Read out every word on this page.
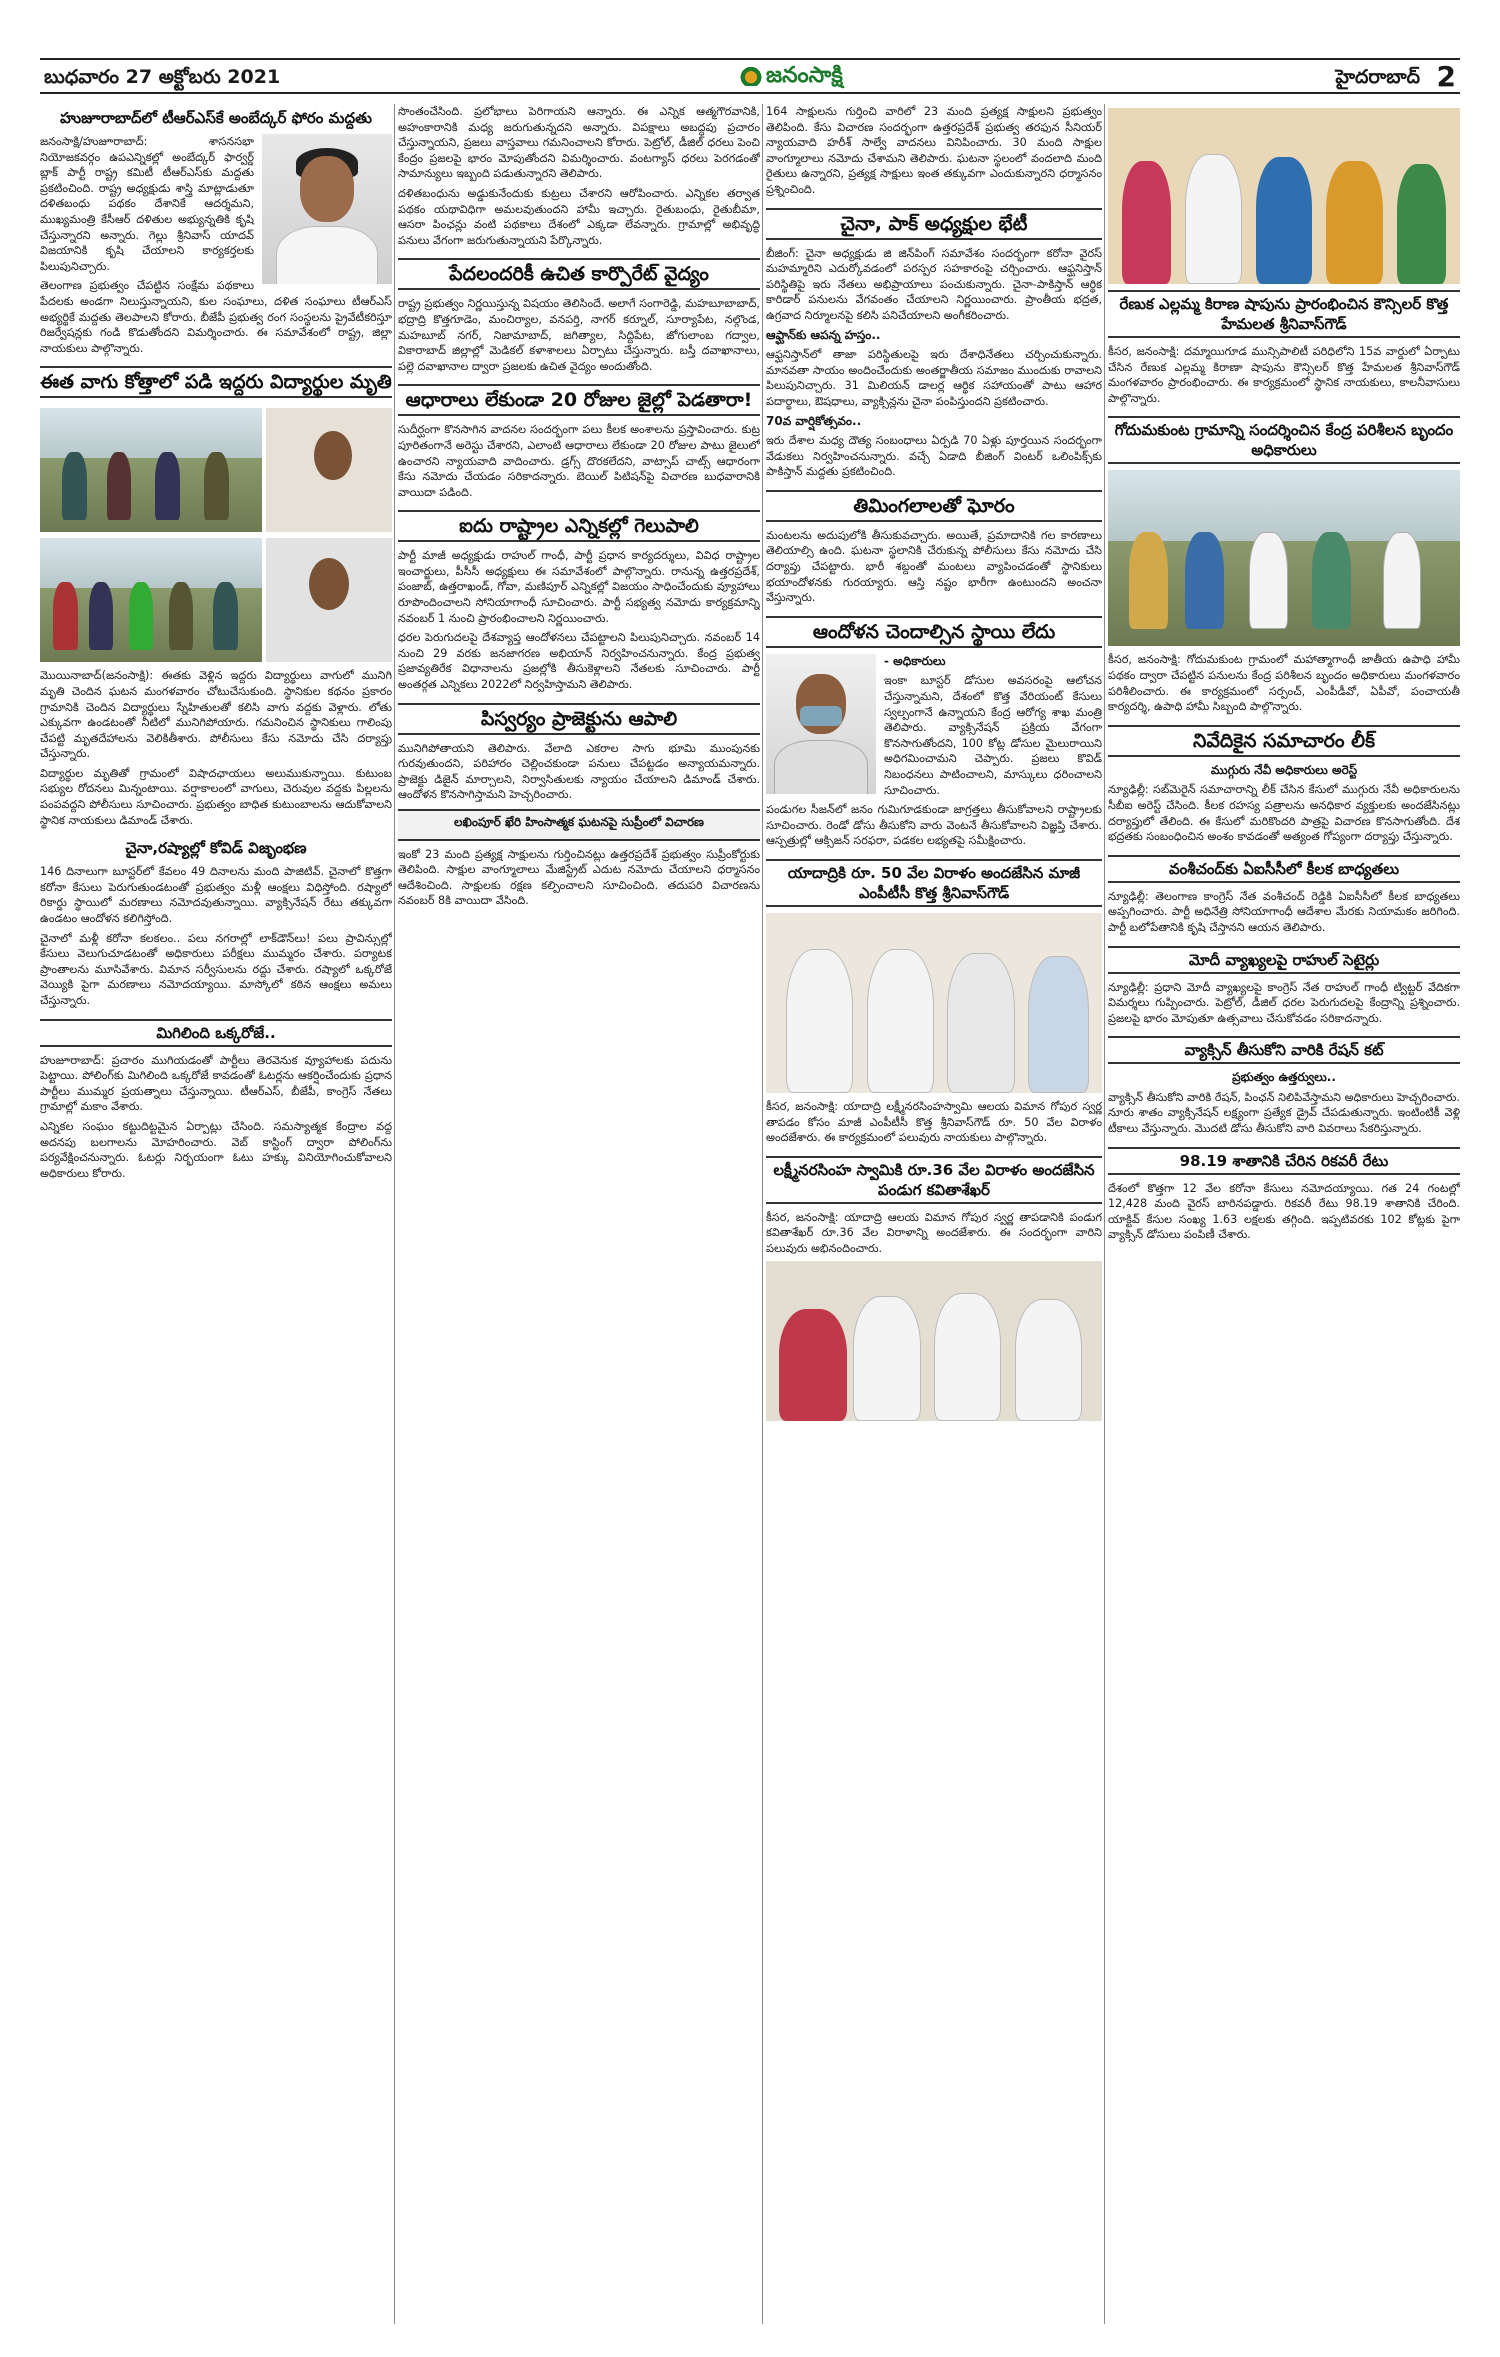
బుధవారం 27 అక్టోబరు 2021	జనంసాక్షి	హైదరాబాద్ 2
హుజూరాబాద్‌లో టీఆర్‌ఎస్‌కే అంబేద్కర్ ఫోరం మద్దతు

జనంసాక్షి/హుజూరాబాద్: శాసనసభా నియోజకవర్గం ఉపఎన్నికల్లో అంబేద్కర్ ఫార్వర్డ్ బ్లాక్ పార్టీ రాష్ట్ర కమిటీ టీఆర్‌ఎస్‌కు మద్దతు ప్రకటించింది. రాష్ట్ర అధ్యక్షుడు శాస్త్రి మాట్లాడుతూ దళితబంధు పథకం దేశానికే ఆదర్శమని, ముఖ్యమంత్రి కేసీఆర్ దళితుల అభ్యున్నతికి కృషి చేస్తున్నారని అన్నారు. గెల్లు శ్రీనివాస్ యాదవ్ విజయానికి కృషి చేయాలని కార్యకర్తలకు పిలుపునిచ్చారు.

తెలంగాణ ప్రభుత్వం చేపట్టిన సంక్షేమ పథకాలు పేదలకు అండగా నిలుస్తున్నాయని, కుల సంఘాలు, దళిత సంఘాలు టీఆర్‌ఎస్ అభ్యర్థికే మద్దతు తెలపాలని కోరారు. బీజేపీ ప్రభుత్వ రంగ సంస్థలను ప్రైవేటీకరిస్తూ రిజర్వేషన్లకు గండి కొడుతోందని విమర్శించారు. ఈ సమావేశంలో రాష్ట్ర, జిల్లా నాయకులు పాల్గొన్నారు.

ఈత వాగు కోత్తాలో పడి ఇద్దరు విద్యార్థుల మృతి

మొయినాబాద్(జనంసాక్షి): ఈతకు వెళ్లిన ఇద్దరు విద్యార్థులు వాగులో మునిగి మృతి చెందిన ఘటన మంగళవారం చోటుచేసుకుంది. స్థానికుల కథనం ప్రకారం గ్రామానికి చెందిన విద్యార్థులు స్నేహితులతో కలిసి వాగు వద్దకు వెళ్లారు. లోతు ఎక్కువగా ఉండటంతో నీటిలో మునిగిపోయారు. గమనించిన స్థానికులు గాలింపు చేపట్టి మృతదేహాలను వెలికితీశారు. పోలీసులు కేసు నమోదు చేసి దర్యాప్తు చేస్తున్నారు.

విద్యార్థుల మృతితో గ్రామంలో విషాదఛాయలు అలుముకున్నాయి. కుటుంబ సభ్యుల రోదనలు మిన్నంటాయి. వర్షాకాలంలో వాగులు, చెరువుల వద్దకు పిల్లలను పంపవద్దని పోలీసులు సూచించారు. ప్రభుత్వం బాధిత కుటుంబాలను ఆదుకోవాలని స్థానిక నాయకులు డిమాండ్ చేశారు.

చైనా,రష్యాల్లో కోవిడ్ విజృంభణ

146 దినాలుగా బూస్టర్‌లో కేవలం 49 దినాలను మంది పాజిటివ్. చైనాలో కొత్తగా కరోనా కేసులు పెరుగుతుండటంతో ప్రభుత్వం మళ్లీ ఆంక్షలు విధిస్తోంది. రష్యాలో రికార్డు స్థాయిలో మరణాలు నమోదవుతున్నాయి. వ్యాక్సినేషన్ రేటు తక్కువగా ఉండటం ఆందోళన కలిగిస్తోంది.

చైనాలో మళ్లీ కరోనా కలకలం.. పలు నగరాల్లో లాక్‌డౌన్‌లు! పలు ప్రావిన్సుల్లో కేసులు వెలుగుచూడటంతో అధికారులు పరీక్షలు ముమ్మరం చేశారు. పర్యాటక ప్రాంతాలను మూసివేశారు. విమాన సర్వీసులను రద్దు చేశారు. రష్యాలో ఒక్కరోజే వెయ్యికి పైగా మరణాలు నమోదయ్యాయి. మాస్కోలో కఠిన ఆంక్షలు అమలు చేస్తున్నారు.

మిగిలింది ఒక్కరోజే..

హుజూరాబాద్: ప్రచారం ముగియడంతో పార్టీలు తెరవెనుక వ్యూహాలకు పదును పెట్టాయి. పోలింగ్‌కు మిగిలింది ఒక్కరోజే కావడంతో ఓటర్లను ఆకర్షించేందుకు ప్రధాన పార్టీలు ముమ్మర ప్రయత్నాలు చేస్తున్నాయి. టీఆర్‌ఎస్, బీజేపీ, కాంగ్రెస్ నేతలు గ్రామాల్లో మకాం వేశారు.

ఎన్నికల సంఘం కట్టుదిట్టమైన ఏర్పాట్లు చేసింది. సమస్యాత్మక కేంద్రాల వద్ద అదనపు బలగాలను మోహరించారు. వెబ్ కాస్టింగ్ ద్వారా పోలింగ్‌ను పర్యవేక్షించనున్నారు. ఓటర్లు నిర్భయంగా ఓటు హక్కు వినియోగించుకోవాలని అధికారులు కోరారు.

సొంతంచేసింది. ప్రలోభాలు పెరిగాయని ఆన్నారు. ఈ ఎన్నిక ఆత్మగౌరవానికి, అహంకారానికి మధ్య జరుగుతున్నదని అన్నారు. విపక్షాలు అబద్ధపు ప్రచారం చేస్తున్నాయని, ప్రజలు వాస్తవాలు గమనించాలని కోరారు. పెట్రోల్, డీజిల్ ధరలు పెంచి కేంద్రం ప్రజలపై భారం మోపుతోందని విమర్శించారు. వంటగ్యాస్ ధరలు పెరగడంతో సామాన్యులు ఇబ్బంది పడుతున్నారని తెలిపారు.

దళితబంధును అడ్డుకునేందుకు కుట్రలు చేశారని ఆరోపించారు. ఎన్నికల తర్వాత పథకం యథావిధిగా అమలవుతుందని హామీ ఇచ్చారు. రైతుబంధు, రైతుబీమా, ఆసరా పింఛన్లు వంటి పథకాలు దేశంలో ఎక్కడా లేవన్నారు. గ్రామాల్లో అభివృద్ధి పనులు వేగంగా జరుగుతున్నాయని పేర్కొన్నారు.

పేదలందరికీ ఉచిత కార్పొరేట్ వైద్యం

రాష్ట్ర ప్రభుత్వం నిర్ణయిస్తున్న విషయం తెలిసిందే. అలాగే సంగారెడ్డి, మహబూబాబాద్, భద్రాద్రి కొత్తగూడెం, మంచిర్యాల, వనపర్తి, నాగర్ కర్నూల్, సూర్యాపేట, నల్గొండ, మహబూబ్ నగర్, నిజామాబాద్, జగిత్యాల, సిద్దిపేట, జోగులాంబ గద్వాల, వికారాబాద్ జిల్లాల్లో మెడికల్ కళాశాలలు ఏర్పాటు చేస్తున్నారు. బస్తీ దవాఖానాలు, పల్లె దవాఖానాల ద్వారా ప్రజలకు ఉచిత వైద్యం అందుతోంది.

ఆధారాలు లేకుండా 20 రోజుల జైల్లో పెడతారా!

సుదీర్ఘంగా కొనసాగిన వాదనల సందర్భంగా పలు కీలక అంశాలను ప్రస్తావించారు. కుట్ర పూరితంగానే అరెస్టు చేశారని, ఎలాంటి ఆధారాలు లేకుండా 20 రోజుల పాటు జైలులో ఉంచారని న్యాయవాది వాదించారు. డ్రగ్స్ దొరకలేదని, వాట్సాప్ చాట్స్ ఆధారంగా కేసు నమోదు చేయడం సరికాదన్నారు. బెయిల్ పిటిషన్‌పై విచారణ బుధవారానికి వాయిదా పడింది.

ఐదు రాష్ట్రాల ఎన్నికల్లో గెలుపాలి

పార్టీ మాజీ అధ్యక్షుడు రాహుల్ గాంధీ, పార్టీ ప్రధాన కార్యదర్శులు, వివిధ రాష్ట్రాల ఇంచార్జులు, పీసీసీ అధ్యక్షులు ఈ సమావేశంలో పాల్గొన్నారు. రానున్న ఉత్తరప్రదేశ్, పంజాబ్, ఉత్తరాఖండ్, గోవా, మణిపూర్ ఎన్నికల్లో విజయం సాధించేందుకు వ్యూహాలు రూపొందించాలని సోనియాగాంధీ సూచించారు. పార్టీ సభ్యత్వ నమోదు కార్యక్రమాన్ని నవంబర్ 1 నుంచి ప్రారంభించాలని నిర్ణయించారు.

ధరల పెరుగుదలపై దేశవ్యాప్త ఆందోళనలు చేపట్టాలని పిలుపునిచ్చారు. నవంబర్ 14 నుంచి 29 వరకు జనజాగరణ అభియాన్ నిర్వహించనున్నారు. కేంద్ర ప్రభుత్వ ప్రజావ్యతిరేక విధానాలను ప్రజల్లోకి తీసుకెళ్లాలని నేతలకు సూచించారు. పార్టీ అంతర్గత ఎన్నికలు 2022లో నిర్వహిస్తామని తెలిపారు.

పిస్వర్యం ప్రాజెక్టును ఆపాలి

మునిగిపోతాయని తెలిపారు. వేలాది ఎకరాల సాగు భూమి ముంపునకు గురవుతుందని, పరిహారం చెల్లించకుండా పనులు చేపట్టడం అన్యాయమన్నారు. ప్రాజెక్టు డిజైన్ మార్చాలని, నిర్వాసితులకు న్యాయం చేయాలని డిమాండ్ చేశారు. ఆందోళన కొనసాగిస్తామని హెచ్చరించారు.

లఖింపూర్ ఖేరి హింసాత్మక ఘటనపై సుప్రీంలో విచారణ

ఇంకో 23 మంది ప్రత్యక్ష సాక్షులను గుర్తించినట్లు ఉత్తరప్రదేశ్ ప్రభుత్వం సుప్రీంకోర్టుకు తెలిపింది. సాక్షుల వాంగ్మూలాలు మేజిస్ట్రేట్ ఎదుట నమోదు చేయాలని ధర్మాసనం ఆదేశించింది. సాక్షులకు రక్షణ కల్పించాలని సూచించింది. తదుపరి విచారణను నవంబర్ 8కి వాయిదా వేసింది.

164 సాక్షులను గుర్తించి వారిలో 23 మంది ప్రత్యక్ష సాక్షులని ప్రభుత్వం తెలిపింది. కేసు విచారణ సందర్భంగా ఉత్తరప్రదేశ్ ప్రభుత్వ తరఫున సీనియర్ న్యాయవాది హరీశ్ సాల్వే వాదనలు వినిపించారు. 30 మంది సాక్షుల వాంగ్మూలాలు నమోదు చేశామని తెలిపారు. ఘటనా స్థలంలో వందలాది మంది రైతులు ఉన్నారని, ప్రత్యక్ష సాక్షులు ఇంత తక్కువగా ఎందుకున్నారని ధర్మాసనం ప్రశ్నించింది.

చైనా, పాక్ అధ్యక్షుల భేటీ

బీజింగ్: చైనా అధ్యక్షుడు జి జిన్‌పింగ్ సమావేశం సందర్భంగా కరోనా వైరస్ మహమ్మారిని ఎదుర్కోవడంలో పరస్పర సహకారంపై చర్చించారు. ఆఫ్ఘనిస్తాన్ పరిస్థితిపై ఇరు నేతలు అభిప్రాయాలు పంచుకున్నారు. చైనా-పాకిస్తాన్ ఆర్థిక కారిడార్ పనులను వేగవంతం చేయాలని నిర్ణయించారు. ప్రాంతీయ భద్రత, ఉగ్రవాద నిర్మూలనపై కలిసి పనిచేయాలని అంగీకరించారు.

ఆఫ్ఘాన్‌కు ఆపన్న హస్తం..

ఆఫ్ఘనిస్తాన్‌లో తాజా పరిస్థితులపై ఇరు దేశాధినేతలు చర్చించుకున్నారు. మానవతా సాయం అందించేందుకు అంతర్జాతీయ సమాజం ముందుకు రావాలని పిలుపునిచ్చారు. 31 మిలియన్ డాలర్ల ఆర్థిక సహాయంతో పాటు ఆహార పదార్థాలు, ఔషధాలు, వ్యాక్సిన్లను చైనా పంపిస్తుందని ప్రకటించారు.

70వ వార్షికోత్సవం..

ఇరు దేశాల మధ్య దౌత్య సంబంధాలు ఏర్పడి 70 ఏళ్లు పూర్తయిన సందర్భంగా వేడుకలు నిర్వహించనున్నారు. వచ్చే ఏడాది బీజింగ్ వింటర్ ఒలింపిక్స్‌కు పాకిస్తాన్ మద్దతు ప్రకటించింది.

తిమింగలాలతో ఘోరం

మంటలను అదుపులోకి తీసుకువచ్చారు. అయితే, ప్రమాదానికి గల కారణాలు తెలియాల్సి ఉంది. ఘటనా స్థలానికి చేరుకున్న పోలీసులు కేసు నమోదు చేసి దర్యాప్తు చేపట్టారు. భారీ శబ్దంతో మంటలు వ్యాపించడంతో స్థానికులు భయాందోళనకు గురయ్యారు. ఆస్తి నష్టం భారీగా ఉంటుందని అంచనా వేస్తున్నారు.

ఆందోళన చెందాల్సిన స్థాయి లేదు

- అధికారులు

ఇంకా బూస్టర్ డోసుల అవసరంపై ఆలోచన చేస్తున్నామని, దేశంలో కొత్త వేరియంట్ కేసులు స్వల్పంగానే ఉన్నాయని కేంద్ర ఆరోగ్య శాఖ మంత్రి తెలిపారు. వ్యాక్సినేషన్ ప్రక్రియ వేగంగా కొనసాగుతోందని, 100 కోట్ల డోసుల మైలురాయిని అధిగమించామని చెప్పారు. ప్రజలు కొవిడ్ నిబంధనలు పాటించాలని, మాస్కులు ధరించాలని సూచించారు.

పండుగల సీజన్‌లో జనం గుమిగూడకుండా జాగ్రత్తలు తీసుకోవాలని రాష్ట్రాలకు సూచించారు. రెండో డోసు తీసుకోని వారు వెంటనే తీసుకోవాలని విజ్ఞప్తి చేశారు. ఆస్పత్రుల్లో ఆక్సిజన్ సరఫరా, పడకల లభ్యతపై సమీక్షించారు.

యాదాద్రికి రూ. 50 వేల విరాళం అందజేసిన మాజీ ఎంపీటీసీ కొత్త శ్రీనివాస్‌గౌడ్

కీసర, జనంసాక్షి: యాదాద్రి లక్ష్మీనరసింహస్వామి ఆలయ విమాన గోపుర స్వర్ణ తాపడం కోసం మాజీ ఎంపీటీసీ కొత్త శ్రీనివాస్‌గౌడ్ రూ. 50 వేల విరాళం అందజేశారు. ఈ కార్యక్రమంలో పలువురు నాయకులు పాల్గొన్నారు.

లక్ష్మీనరసింహ స్వామికి రూ.36 వేల విరాళం అందజేసిన పండుగ కవితాశేఖర్

కీసర, జనంసాక్షి: యాదాద్రి ఆలయ విమాన గోపుర స్వర్ణ తాపడానికి పండుగ కవితాశేఖర్ రూ.36 వేల విరాళాన్ని అందజేశారు. ఈ సందర్భంగా వారిని పలువురు అభినందించారు.

రేణుక ఎల్లమ్మ కిరాణ షాపును ప్రారంభించిన కౌన్సిలర్ కొత్త హేమలత శ్రీనివాస్‌గౌడ్

కీసర, జనంసాక్షి: దమ్మాయిగూడ మున్సిపాలిటీ పరిధిలోని 15వ వార్డులో ఏర్పాటు చేసిన రేణుక ఎల్లమ్మ కిరాణా షాపును కౌన్సిలర్ కొత్త హేమలత శ్రీనివాస్‌గౌడ్ మంగళవారం ప్రారంభించారు. ఈ కార్యక్రమంలో స్థానిక నాయకులు, కాలనీవాసులు పాల్గొన్నారు.

గోదుమకుంట గ్రామాన్ని సందర్శించిన కేంద్ర పరిశీలన బృందం అధికారులు

కీసర, జనంసాక్షి: గోదుమకుంట గ్రామంలో మహాత్మాగాంధీ జాతీయ ఉపాధి హామీ పథకం ద్వారా చేపట్టిన పనులను కేంద్ర పరిశీలన బృందం అధికారులు మంగళవారం పరిశీలించారు. ఈ కార్యక్రమంలో సర్పంచ్, ఎంపీడీవో, ఏపీవో, పంచాయతీ కార్యదర్శి, ఉపాధి హామీ సిబ్బంది పాల్గొన్నారు.

నివేదికైన సమాచారం లీక్

ముగ్గురు నేవీ అధికారులు అరెస్ట్

న్యూఢిల్లీ: సబ్‌మెరైన్ సమాచారాన్ని లీక్ చేసిన కేసులో ముగ్గురు నేవీ అధికారులను సీబీఐ అరెస్ట్ చేసింది. కీలక రహస్య పత్రాలను అనధికార వ్యక్తులకు అందజేసినట్లు దర్యాప్తులో తేలింది. ఈ కేసులో మరికొందరి పాత్రపై విచారణ కొనసాగుతోంది. దేశ భద్రతకు సంబంధించిన అంశం కావడంతో అత్యంత గోప్యంగా దర్యాప్తు చేస్తున్నారు.

వంశీచంద్‌కు ఏఐసీసీలో కీలక బాధ్యతలు

న్యూఢిల్లీ: తెలంగాణ కాంగ్రెస్ నేత వంశీచంద్ రెడ్డికి ఏఐసీసీలో కీలక బాధ్యతలు అప్పగించారు. పార్టీ అధినేత్రి సోనియాగాంధీ ఆదేశాల మేరకు నియామకం జరిగింది. పార్టీ బలోపేతానికి కృషి చేస్తానని ఆయన తెలిపారు.

మోదీ వ్యాఖ్యలపై రాహుల్ సెటైర్లు

న్యూఢిల్లీ: ప్రధాని మోదీ వ్యాఖ్యలపై కాంగ్రెస్ నేత రాహుల్ గాంధీ ట్విట్టర్ వేదికగా విమర్శలు గుప్పించారు. పెట్రోల్, డీజిల్ ధరల పెరుగుదలపై కేంద్రాన్ని ప్రశ్నించారు. ప్రజలపై భారం మోపుతూ ఉత్సవాలు చేసుకోవడం సరికాదన్నారు.

వ్యాక్సిన్ తీసుకోని వారికి రేషన్ కట్

ప్రభుత్వం ఉత్తర్వులు..

వ్యాక్సిన్ తీసుకోని వారికి రేషన్, పింఛన్ నిలిపివేస్తామని అధికారులు హెచ్చరించారు. నూరు శాతం వ్యాక్సినేషన్ లక్ష్యంగా ప్రత్యేక డ్రైవ్ చేపడుతున్నారు. ఇంటింటికీ వెళ్లి టీకాలు వేస్తున్నారు. మొదటి డోసు తీసుకోని వారి వివరాలు సేకరిస్తున్నారు.

98.19 శాతానికి చేరిన రికవరీ రేటు

దేశంలో కొత్తగా 12 వేల కరోనా కేసులు నమోదయ్యాయి. గత 24 గంటల్లో 12,428 మంది వైరస్ బారినపడ్డారు. రికవరీ రేటు 98.19 శాతానికి చేరింది. యాక్టివ్ కేసుల సంఖ్య 1.63 లక్షలకు తగ్గింది. ఇప్పటివరకు 102 కోట్లకు పైగా వ్యాక్సిన్ డోసులు పంపిణీ చేశారు.
